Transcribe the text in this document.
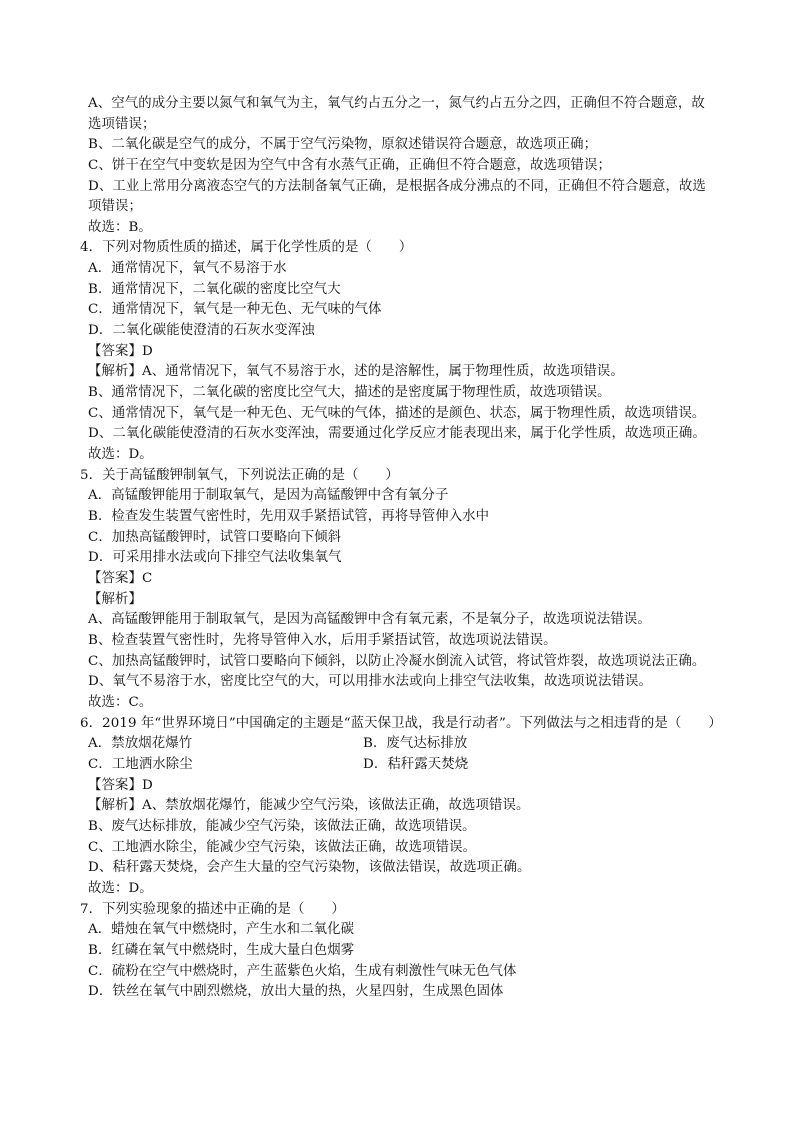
A、空气的成分主要以氮气和氧气为主，氧气约占五分之一，氮气约占五分之四，正确但不符合题意，故
选项错误；
B、二氧化碳是空气的成分，不属于空气污染物，原叙述错误符合题意，故选项正确；
C、饼干在空气中变软是因为空气中含有水蒸气正确，正确但不符合题意，故选项错误；
D、工业上常用分离液态空气的方法制备氧气正确，是根据各成分沸点的不同，正确但不符合题意，故选
项错误；
故选：B。
4．下列对物质性质的描述，属于化学性质的是（　　）
A．通常情况下，氧气不易溶于水
B．通常情况下，二氧化碳的密度比空气大
C．通常情况下，氧气是一种无色、无气味的气体
D．二氧化碳能使澄清的石灰水变浑浊
【答案】D
【解析】A、通常情况下，氧气不易溶于水，述的是溶解性，属于物理性质，故选项错误。
B、通常情况下，二氧化碳的密度比空气大，描述的是密度属于物理性质，故选项错误。
C、通常情况下，氧气是一种无色、无气味的气体，描述的是颜色、状态，属于物理性质，故选项错误。
D、二氧化碳能使澄清的石灰水变浑浊，需要通过化学反应才能表现出来，属于化学性质，故选项正确。
故选：D。
5．关于高锰酸钾制氧气，下列说法正确的是（　　）
A．高锰酸钾能用于制取氧气，是因为高锰酸钾中含有氧分子
B．检查发生装置气密性时，先用双手紧捂试管，再将导管伸入水中
C．加热高锰酸钾时，试管口要略向下倾斜
D．可采用排水法或向下排空气法收集氧气
【答案】C
【解析】
A、高锰酸钾能用于制取氧气，是因为高锰酸钾中含有氧元素，不是氧分子，故选项说法错误。
B、检查装置气密性时，先将导管伸入水，后用手紧捂试管，故选项说法错误。
C、加热高锰酸钾时，试管口要略向下倾斜，以防止冷凝水倒流入试管，将试管炸裂，故选项说法正确。
D、氧气不易溶于水，密度比空气的大，可以用排水法或向上排空气法收集，故选项说法错误。
故选：C。
6．2019 年“世界环境日”中国确定的主题是“蓝天保卫战，我是行动者”。下列做法与之相违背的是（　　）
A．禁放烟花爆竹	B．废气达标排放
C．工地洒水除尘	D．秸秆露天焚烧
【答案】D
【解析】A、禁放烟花爆竹，能减少空气污染，该做法正确，故选项错误。
B、废气达标排放，能减少空气污染，该做法正确，故选项错误。
C、工地洒水除尘，能减少空气污染，该做法正确，故选项错误。
D、秸秆露天焚烧，会产生大量的空气污染物，该做法错误，故选项正确。
故选：D。
7．下列实验现象的描述中正确的是（　　）
A．蜡烛在氧气中燃烧时，产生水和二氧化碳
B．红磷在氧气中燃烧时，生成大量白色烟雾
C．硫粉在空气中燃烧时，产生蓝紫色火焰，生成有刺激性气味无色气体
D．铁丝在氧气中剧烈燃烧，放出大量的热，火星四射，生成黑色固体
